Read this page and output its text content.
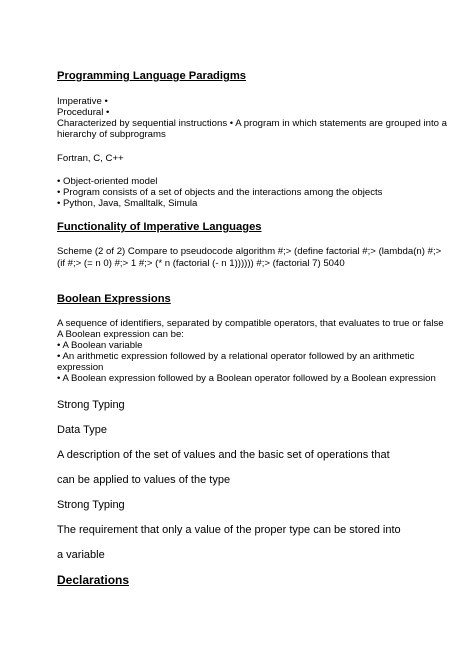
Programming Language Paradigms

Imperative •

Procedural •

Characterized by sequential instructions • A program in which statements are grouped into a

hierarchy of subprograms

Fortran, C, C++

• Object-oriented model

• Program consists of a set of objects and the interactions among the objects

• Python, Java, Smalltalk, Simula

Functionality of Imperative Languages

Scheme (2 of 2) Compare to pseudocode algorithm #;> (define factorial #;> (lambda(n) #;>

(if #;> (= n 0) #;> 1 #;> (* n (factorial (- n 1)))))) #;> (factorial 7) 5040

Boolean Expressions

A sequence of identifiers, separated by compatible operators, that evaluates to true or false

A Boolean expression can be:

• A Boolean variable

• An arithmetic expression followed by a relational operator followed by an arithmetic

expression

• A Boolean expression followed by a Boolean operator followed by a Boolean expression

Strong Typing

Data Type

A description of the set of values and the basic set of operations that

can be applied to values of the type

Strong Typing

The requirement that only a value of the proper type can be stored into

a variable

Declarations
